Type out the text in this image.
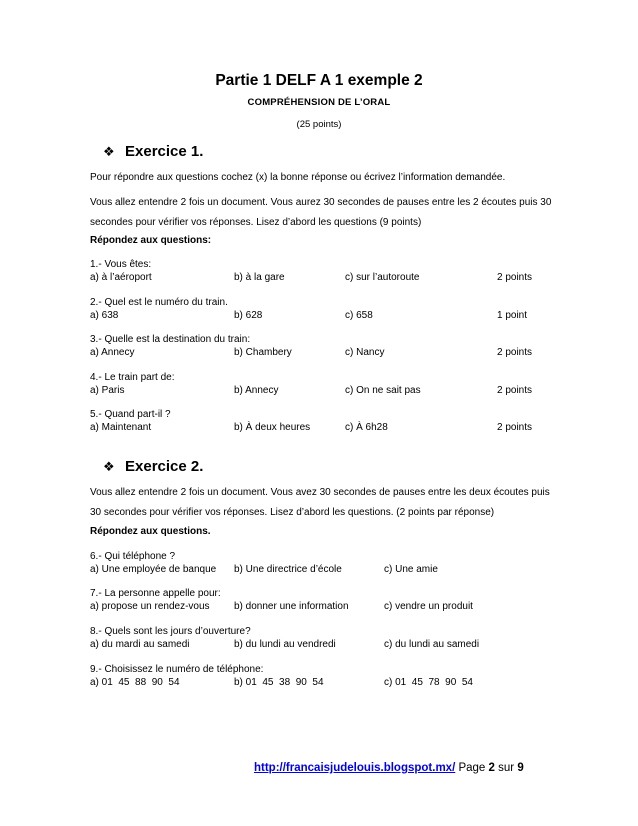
Partie 1 DELF A 1 exemple 2
COMPRÉHENSION DE L’ORAL
(25 points)
❖ Exercice 1.
Pour répondre aux questions cochez (x) la bonne réponse ou écrivez l’information demandée.
Vous allez entendre 2 fois un document. Vous aurez 30 secondes de pauses entre les 2 écoutes puis 30 secondes pour vérifier vos réponses. Lisez d’abord les questions (9 points)
Répondez aux questions:
1.- Vous êtes:
a) à l’aéroport	b) à la gare	c) sur l’autoroute	2 points
2.- Quel est le numéro du train.
a) 638	b) 628	c) 658	1 point
3.- Quelle est la destination du train:
a) Annecy	b) Chambery	c) Nancy	2 points
4.- Le train part de:
a) Paris	b) Annecy	c) On ne sait pas	2 points
5.- Quand part-il ?
a) Maintenant	b) À deux heures	c) À 6h28	2 points
❖ Exercice 2.
Vous allez entendre 2 fois un document. Vous avez 30 secondes de pauses entre les deux écoutes puis 30 secondes pour vérifier vos réponses. Lisez d’abord les questions. (2 points par réponse)
Répondez aux questions.
6.- Qui téléphone ?
a) Une employée de banque b) Une directrice d’école	c) Une amie
7.- La personne appelle pour:
a) propose un rendez-vous b) donner une information	c) vendre un produit
8.- Quels sont les jours d’ouverture?
a) du mardi au samedi	b) du lundi au vendredi	c) du lundi au samedi
9.- Choisissez le numéro de téléphone:
a) 01  45  88  90  54	b) 01  45  38  90  54	c) 01  45  78  90  54
http://francaisjudelouis.blogspot.mx/ Page 2 sur 9
